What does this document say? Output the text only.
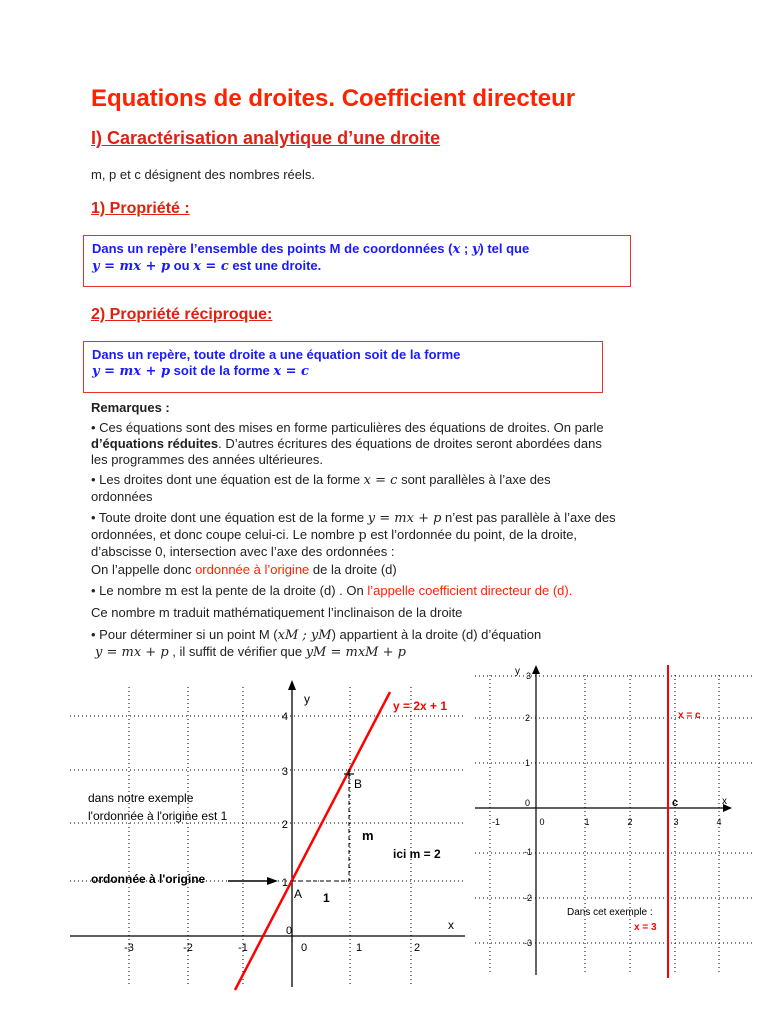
Equations de droites. Coefficient directeur
I) Caractérisation analytique d’une droite
m, p et c désignent des nombres réels.
1) Propriété :
Dans un repère l’ensemble des points M de coordonnées (x ; y) tel que
y = mx + p ou x = c est une droite.
2) Propriété réciproque:
Dans un repère, toute droite a une équation soit de la forme
y = mx + p soit de la forme x = c
Remarques :
• Ces équations sont des mises en forme particulières des équations de droites. On parle
d’équations réduites. D’autres écritures des équations de droites seront abordées dans
les programmes des années ultérieures.
• Les droites dont une équation est de la forme x = c sont parallèles à l’axe des
ordonnées
• Toute droite dont une équation est de la forme y = mx + p n’est pas parallèle à l’axe des
ordonnées, et donc coupe celui-ci. Le nombre p est l’ordonnée du point, de la droite,
d’abscisse 0, intersection avec l’axe des ordonnées :
On l’appelle donc ordonnée à l’origine de la droite (d)
• Le nombre m est la pente de la droite (d) . On l’appelle coefficient directeur de (d).
Ce nombre m traduit mathématiquement l’inclinaison de la droite
• Pour déterminer si un point M (xM ; yM) appartient à la droite (d) d’équation
y = mx + p , il suffit de vérifier que yM = mxM + p
y
x
-3	-2	-1	0	1	2
0
1
2
3
4
y = 2x + 1
B
A
dans notre exemple
l'ordonnée à l'origine est 1
ordonnée à l'origine
m
ici m = 2
1
y
x
-1	0	1	2	3	4
3
2
1
0
-1
-2
-3
x = c
c
Dans cet exemple :
x = 3
